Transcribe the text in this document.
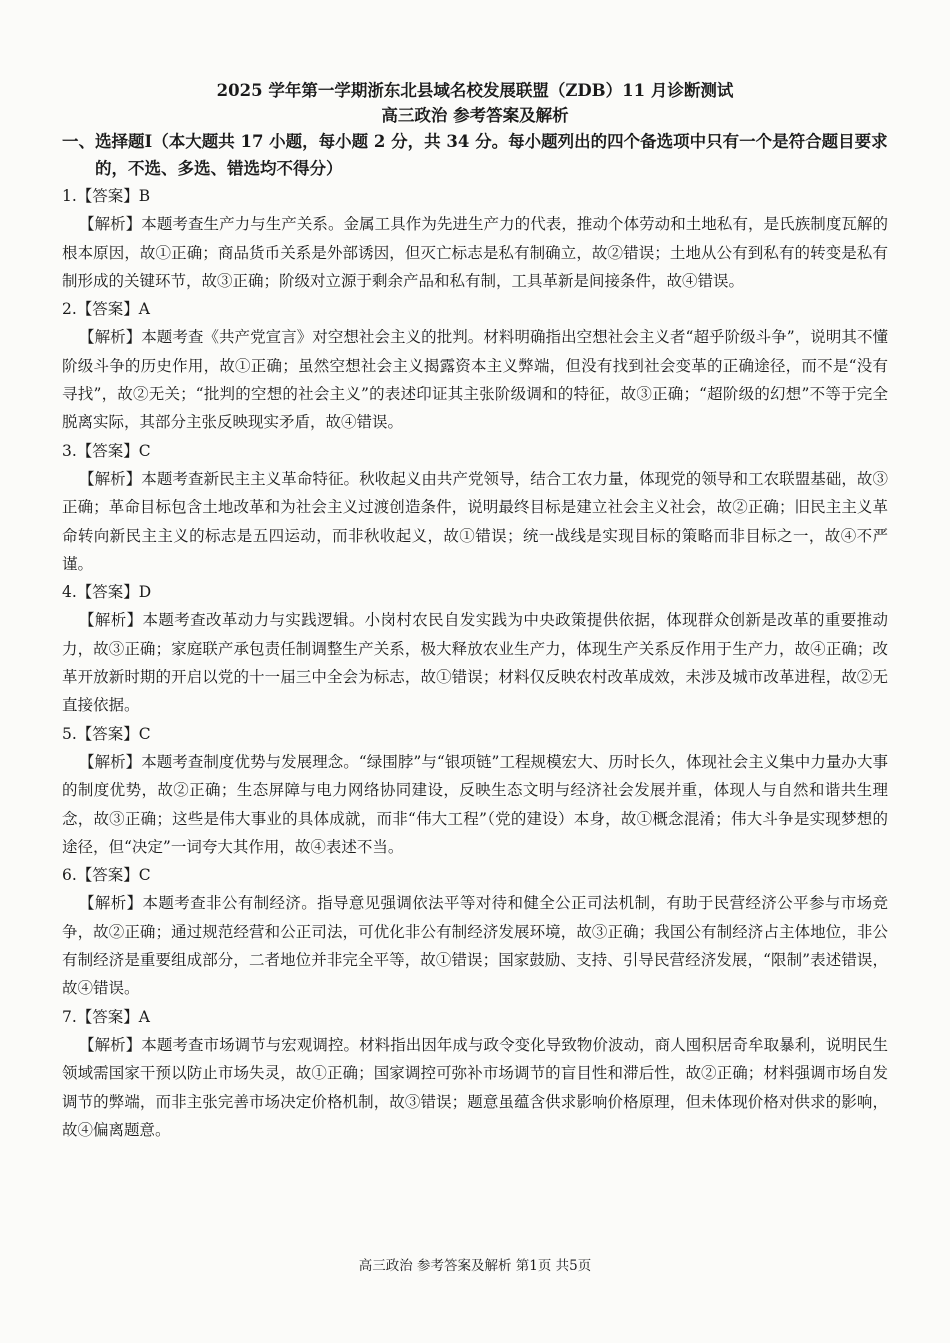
2025 学年第一学期浙东北县域名校发展联盟（ZDB）11 月诊断测试
高三政治 参考答案及解析

一、选择题Ⅰ（本大题共 17 小题，每小题 2 分，共 34 分。每小题列出的四个备选项中只有一个是符合题目要求的，不选、多选、错选均不得分）

1.【答案】B

【解析】本题考查生产力与生产关系。金属工具作为先进生产力的代表，推动个体劳动和土地私有，是氏族制度瓦解的根本原因，故①正确；商品货币关系是外部诱因，但灭亡标志是私有制确立，故②错误；土地从公有到私有的转变是私有制形成的关键环节，故③正确；阶级对立源于剩余产品和私有制，工具革新是间接条件，故④错误。

2.【答案】A

【解析】本题考查《共产党宣言》对空想社会主义的批判。材料明确指出空想社会主义者“超乎阶级斗争”，说明其不懂阶级斗争的历史作用，故①正确；虽然空想社会主义揭露资本主义弊端，但没有找到社会变革的正确途径，而不是“没有寻找”，故②无关；“批判的空想的社会主义”的表述印证其主张阶级调和的特征，故③正确；“超阶级的幻想”不等于完全脱离实际，其部分主张反映现实矛盾，故④错误。

3.【答案】C

【解析】本题考查新民主主义革命特征。秋收起义由共产党领导，结合工农力量，体现党的领导和工农联盟基础，故③正确；革命目标包含土地改革和为社会主义过渡创造条件，说明最终目标是建立社会主义社会，故②正确；旧民主主义革命转向新民主主义的标志是五四运动，而非秋收起义，故①错误；统一战线是实现目标的策略而非目标之一，故④不严谨。

4.【答案】D

【解析】本题考查改革动力与实践逻辑。小岗村农民自发实践为中央政策提供依据，体现群众创新是改革的重要推动力，故③正确；家庭联产承包责任制调整生产关系，极大释放农业生产力，体现生产关系反作用于生产力，故④正确；改革开放新时期的开启以党的十一届三中全会为标志，故①错误；材料仅反映农村改革成效，未涉及城市改革进程，故②无直接依据。

5.【答案】C

【解析】本题考查制度优势与发展理念。“绿围脖”与“银项链”工程规模宏大、历时长久，体现社会主义集中力量办大事的制度优势，故②正确；生态屏障与电力网络协同建设，反映生态文明与经济社会发展并重，体现人与自然和谐共生理念，故③正确；这些是伟大事业的具体成就，而非“伟大工程”（党的建设）本身，故①概念混淆；伟大斗争是实现梦想的途径，但“决定”一词夸大其作用，故④表述不当。

6.【答案】C

【解析】本题考查非公有制经济。指导意见强调依法平等对待和健全公正司法机制，有助于民营经济公平参与市场竞争，故②正确；通过规范经营和公正司法，可优化非公有制经济发展环境，故③正确；我国公有制经济占主体地位，非公有制经济是重要组成部分，二者地位并非完全平等，故①错误；国家鼓励、支持、引导民营经济发展，“限制”表述错误，故④错误。

7.【答案】A

【解析】本题考查市场调节与宏观调控。材料指出因年成与政令变化导致物价波动，商人囤积居奇牟取暴利，说明民生领域需国家干预以防止市场失灵，故①正确；国家调控可弥补市场调节的盲目性和滞后性，故②正确；材料强调市场自发调节的弊端，而非主张完善市场决定价格机制，故③错误；题意虽蕴含供求影响价格原理，但未体现价格对供求的影响，故④偏离题意。

高三政治 参考答案及解析 第1页 共5页
